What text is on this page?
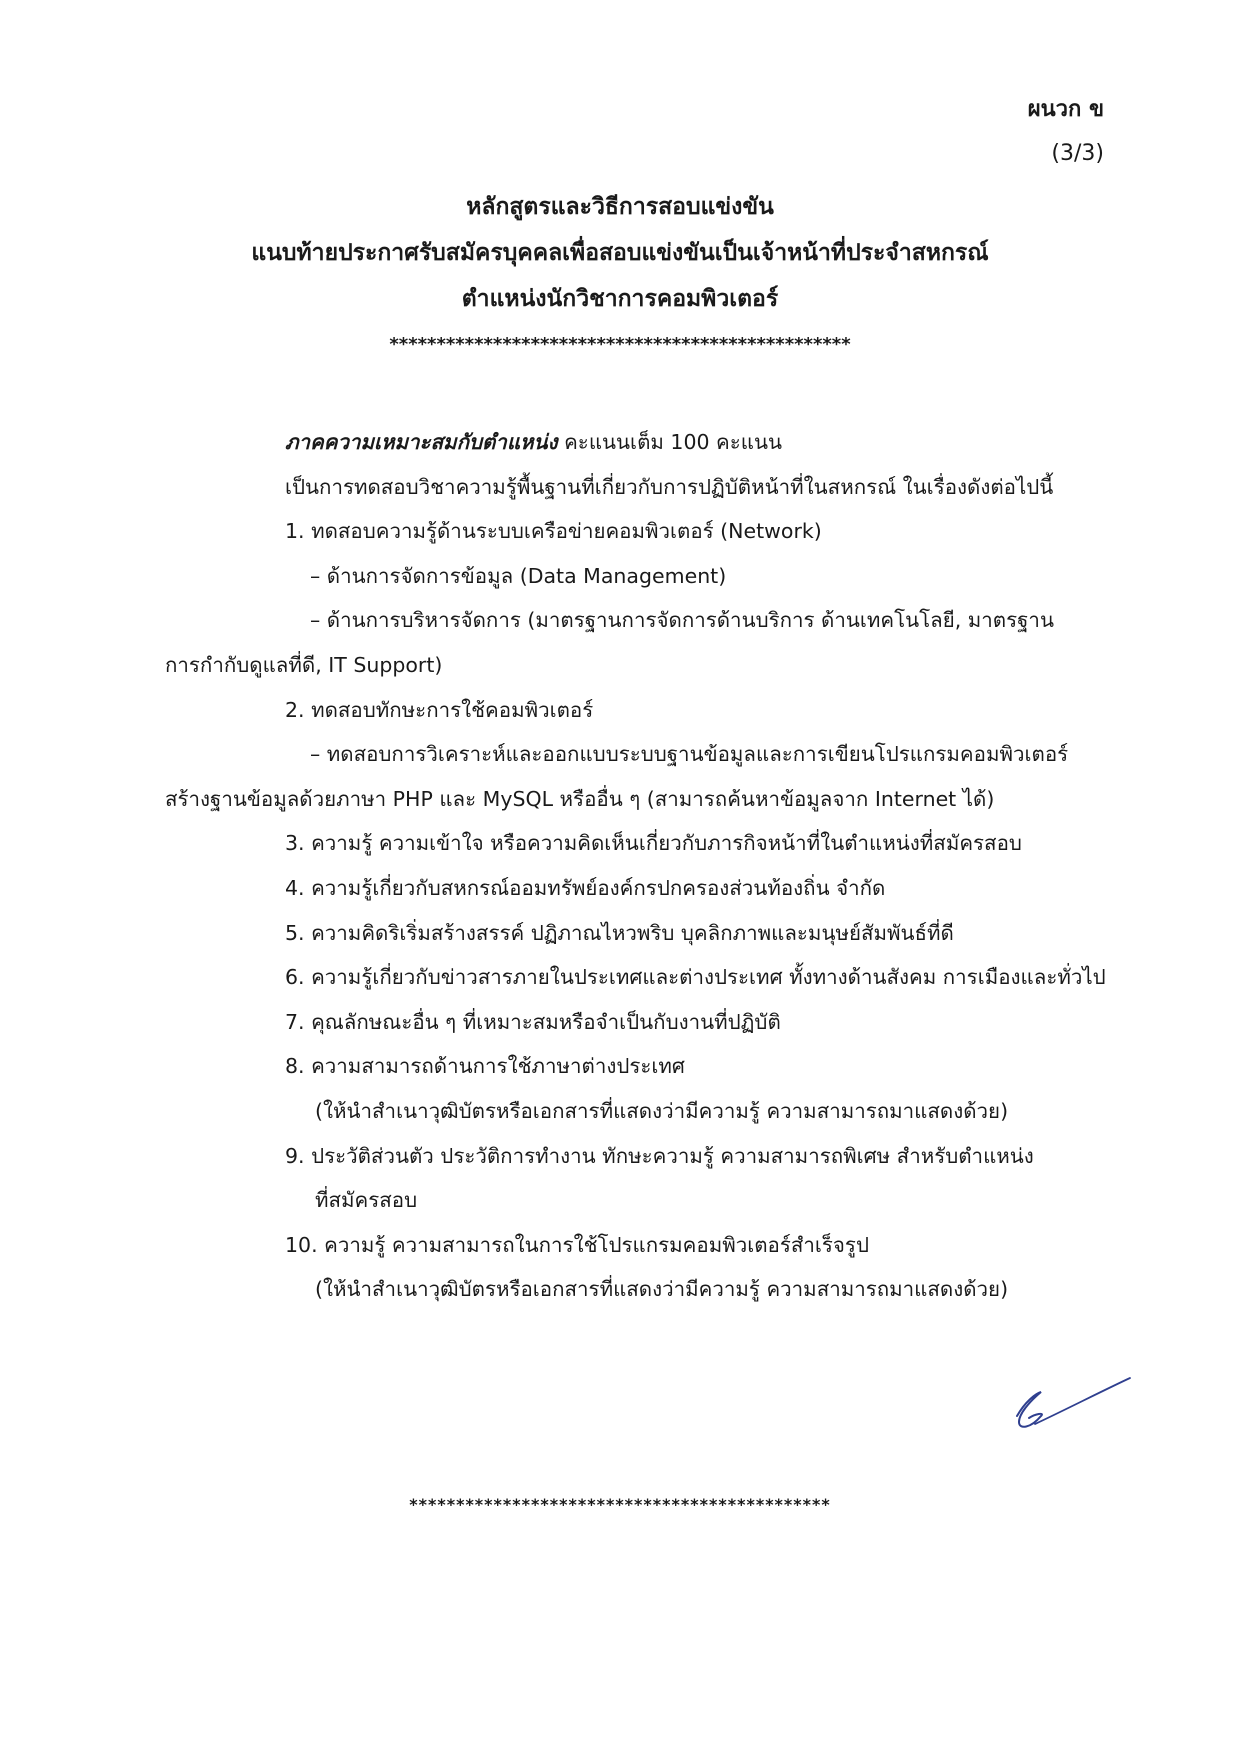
ผนวก ข
(3/3)
หลักสูตรและวิธีการสอบแข่งขัน
แนบท้ายประกาศรับสมัครบุคคลเพื่อสอบแข่งขันเป็นเจ้าหน้าที่ประจำสหกรณ์
ตำแหน่งนักวิชาการคอมพิวเตอร์
*************************************************
ภาคความเหมาะสมกับตำแหน่ง คะแนนเต็ม 100 คะแนน
เป็นการทดสอบวิชาความรู้พื้นฐานที่เกี่ยวกับการปฏิบัติหน้าที่ในสหกรณ์ ในเรื่องดังต่อไปนี้
1. ทดสอบความรู้ด้านระบบเครือข่ายคอมพิวเตอร์ (Network)
– ด้านการจัดการข้อมูล (Data Management)
– ด้านการบริหารจัดการ (มาตรฐานการจัดการด้านบริการ ด้านเทคโนโลยี, มาตรฐาน
การกำกับดูแลที่ดี, IT Support)
2. ทดสอบทักษะการใช้คอมพิวเตอร์
– ทดสอบการวิเคราะห์และออกแบบระบบฐานข้อมูลและการเขียนโปรแกรมคอมพิวเตอร์
สร้างฐานข้อมูลด้วยภาษา PHP และ MySQL หรืออื่น ๆ (สามารถค้นหาข้อมูลจาก Internet ได้)
3. ความรู้ ความเข้าใจ หรือความคิดเห็นเกี่ยวกับภารกิจหน้าที่ในตำแหน่งที่สมัครสอบ
4. ความรู้เกี่ยวกับสหกรณ์ออมทรัพย์องค์กรปกครองส่วนท้องถิ่น จำกัด
5. ความคิดริเริ่มสร้างสรรค์ ปฏิภาณไหวพริบ บุคลิกภาพและมนุษย์สัมพันธ์ที่ดี
6. ความรู้เกี่ยวกับข่าวสารภายในประเทศและต่างประเทศ ทั้งทางด้านสังคม การเมืองและทั่วไป
7. คุณลักษณะอื่น ๆ ที่เหมาะสมหรือจำเป็นกับงานที่ปฏิบัติ
8. ความสามารถด้านการใช้ภาษาต่างประเทศ
(ให้นำสำเนาวุฒิบัตรหรือเอกสารที่แสดงว่ามีความรู้ ความสามารถมาแสดงด้วย)
9. ประวัติส่วนตัว ประวัติการทำงาน ทักษะความรู้ ความสามารถพิเศษ สำหรับตำแหน่ง
ที่สมัครสอบ
10. ความรู้ ความสามารถในการใช้โปรแกรมคอมพิวเตอร์สำเร็จรูป
(ให้นำสำเนาวุฒิบัตรหรือเอกสารที่แสดงว่ามีความรู้ ความสามารถมาแสดงด้วย)
*********************************************
